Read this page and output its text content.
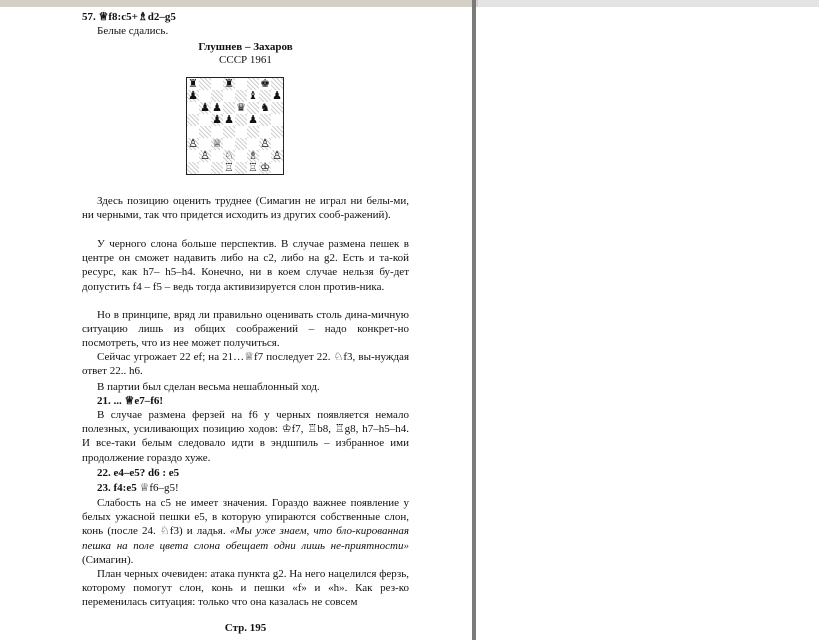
57. ♕f8:c5+♗d2–g5
Белые сдались.
Глушнев – Захаров
СССР 1961
♜ ♜ ♚
♟	♝ ♟
♟ ♟ ♛ ♞
♟ ♟ ♟
♙ ♕	♙
♙ ♘ ♗ ♙
♖ ♖ ♔
Здесь позицию оценить труднее (Симагин не играл ни белы-ми, ни черными, так что придется исходить из других сооб-ражений).
У черного слона больше перспектив. В случае размена пешек в центре он сможет надавить либо на с2, либо на g2. Есть и та-кой ресурс, как h7– h5–h4. Конечно, ни в коем случае нельзя бу-дет допустить f4 – f5 – ведь тогда активизируется слон против-ника.
Но в принципе, вряд ли правильно оценивать столь дина-мичную ситуацию лишь из общих соображений – надо конкрет-но посмотреть, что из нее может получиться.
Сейчас угрожает 22 ef; на 21…♕f7 последует 22. ♘f3, вы-нуждая ответ 22.. h6.
В партии был сделан весьма нешаблонный ход.
21. ... ♕e7–f6!
В случае размена ферзей на f6 у черных появляется немало полезных, усиливающих позицию ходов: ♔f7, ♖b8, ♖g8, h7–h5–h4. И все-таки белым следовало идти в эндшпиль – избранное ими продолжение гораздо хуже.
22. e4–e5? d6 : e5
23. f4:e5 ♕f6–g5!
Слабость на с5 не имеет значения. Гораздо важнее появление у белых ужасной пешки е5, в которую упираются собственные слон, конь (после 24. ♘f3) и ладья. «Мы уже знаем, что бло-кированная пешка на поле цвета слона обещает одни лишь не-приятности» (Симагин).
План черных очевиден: атака пункта g2. На него нацелился ферзь, которому помогут слон, конь и пешки «f» и «h». Как рез-ко переменилась ситуация: только что она казалась не совсем
Стр. 195
